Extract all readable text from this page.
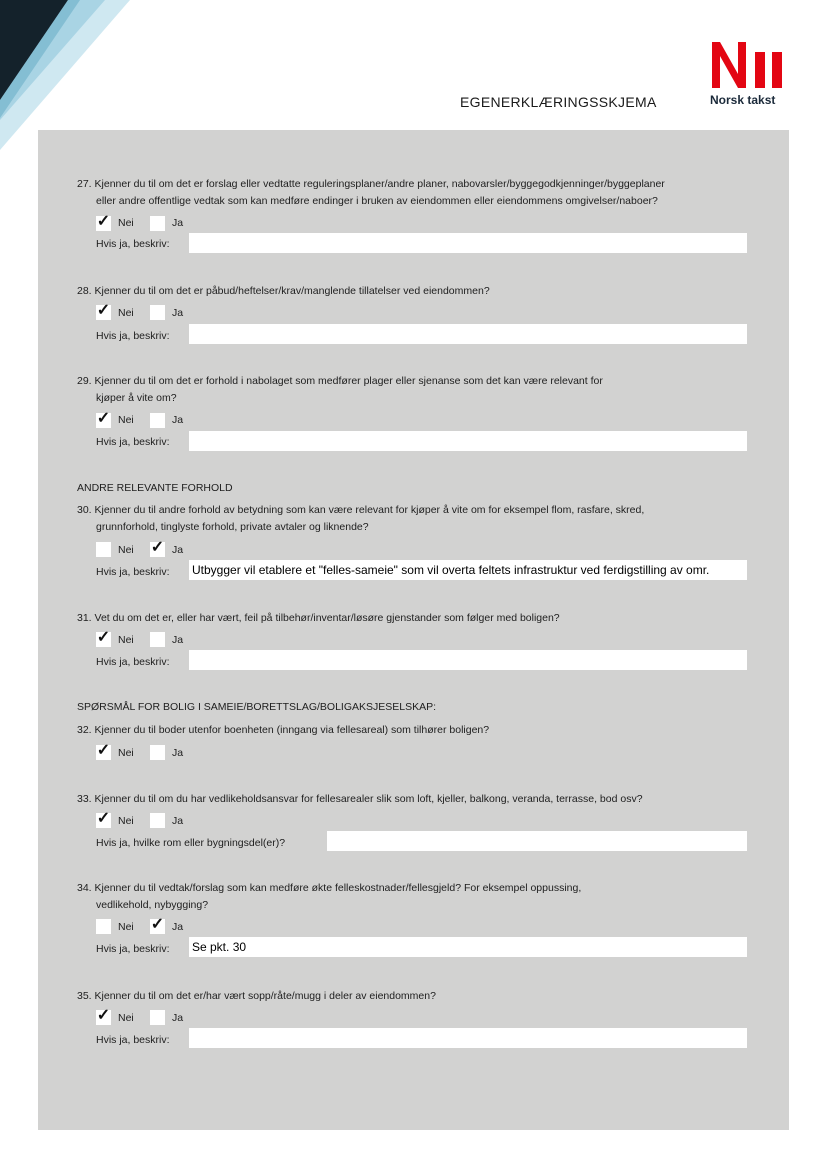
EGENERKLÆRINGSSKJEMA	Norsk takst
27. Kjenner du til om det er forslag eller vedtatte reguleringsplaner/andre planer, nabovarsler/byggegodkjenninger/byggeplaner
eller andre offentlige vedtak som kan medføre endinger i bruken av eiendommen eller eiendommens omgivelser/naboer?
✓ Nei	Ja
Hvis ja, beskriv:
28. Kjenner du til om det er påbud/heftelser/krav/manglende tillatelser ved eiendommen?
✓ Nei	Ja
Hvis ja, beskriv:
29. Kjenner du til om det er forhold i nabolaget som medfører plager eller sjenanse som det kan være relevant for
kjøper å vite om?
✓ Nei	Ja
Hvis ja, beskriv:
ANDRE RELEVANTE FORHOLD
30. Kjenner du til andre forhold av betydning som kan være relevant for kjøper å vite om for eksempel flom, rasfare, skred,
grunnforhold, tinglyste forhold, private avtaler og liknende?
Nei ✓ Ja
Hvis ja, beskriv: Utbygger vil etablere et "felles-sameie" som vil overta feltets infrastruktur ved ferdigstilling av omr.
31. Vet du om det er, eller har vært, feil på tilbehør/inventar/løsøre gjenstander som følger med boligen?
✓ Nei	Ja
Hvis ja, beskriv:
SPØRSMÅL FOR BOLIG I SAMEIE/BORETTSLAG/BOLIGAKSJESELSKAP:
32. Kjenner du til boder utenfor boenheten (inngang via fellesareal) som tilhører boligen?
✓ Nei	Ja
33. Kjenner du til om du har vedlikeholdsansvar for fellesarealer slik som loft, kjeller, balkong, veranda, terrasse, bod osv?
✓ Nei	Ja
Hvis ja, hvilke rom eller bygningsdel(er)?
34. Kjenner du til vedtak/forslag som kan medføre økte felleskostnader/fellesgjeld? For eksempel oppussing,
vedlikehold, nybygging?
Nei ✓ Ja
Hvis ja, beskriv: Se pkt. 30
35. Kjenner du til om det er/har vært sopp/råte/mugg i deler av eiendommen?
✓ Nei	Ja
Hvis ja, beskriv:
